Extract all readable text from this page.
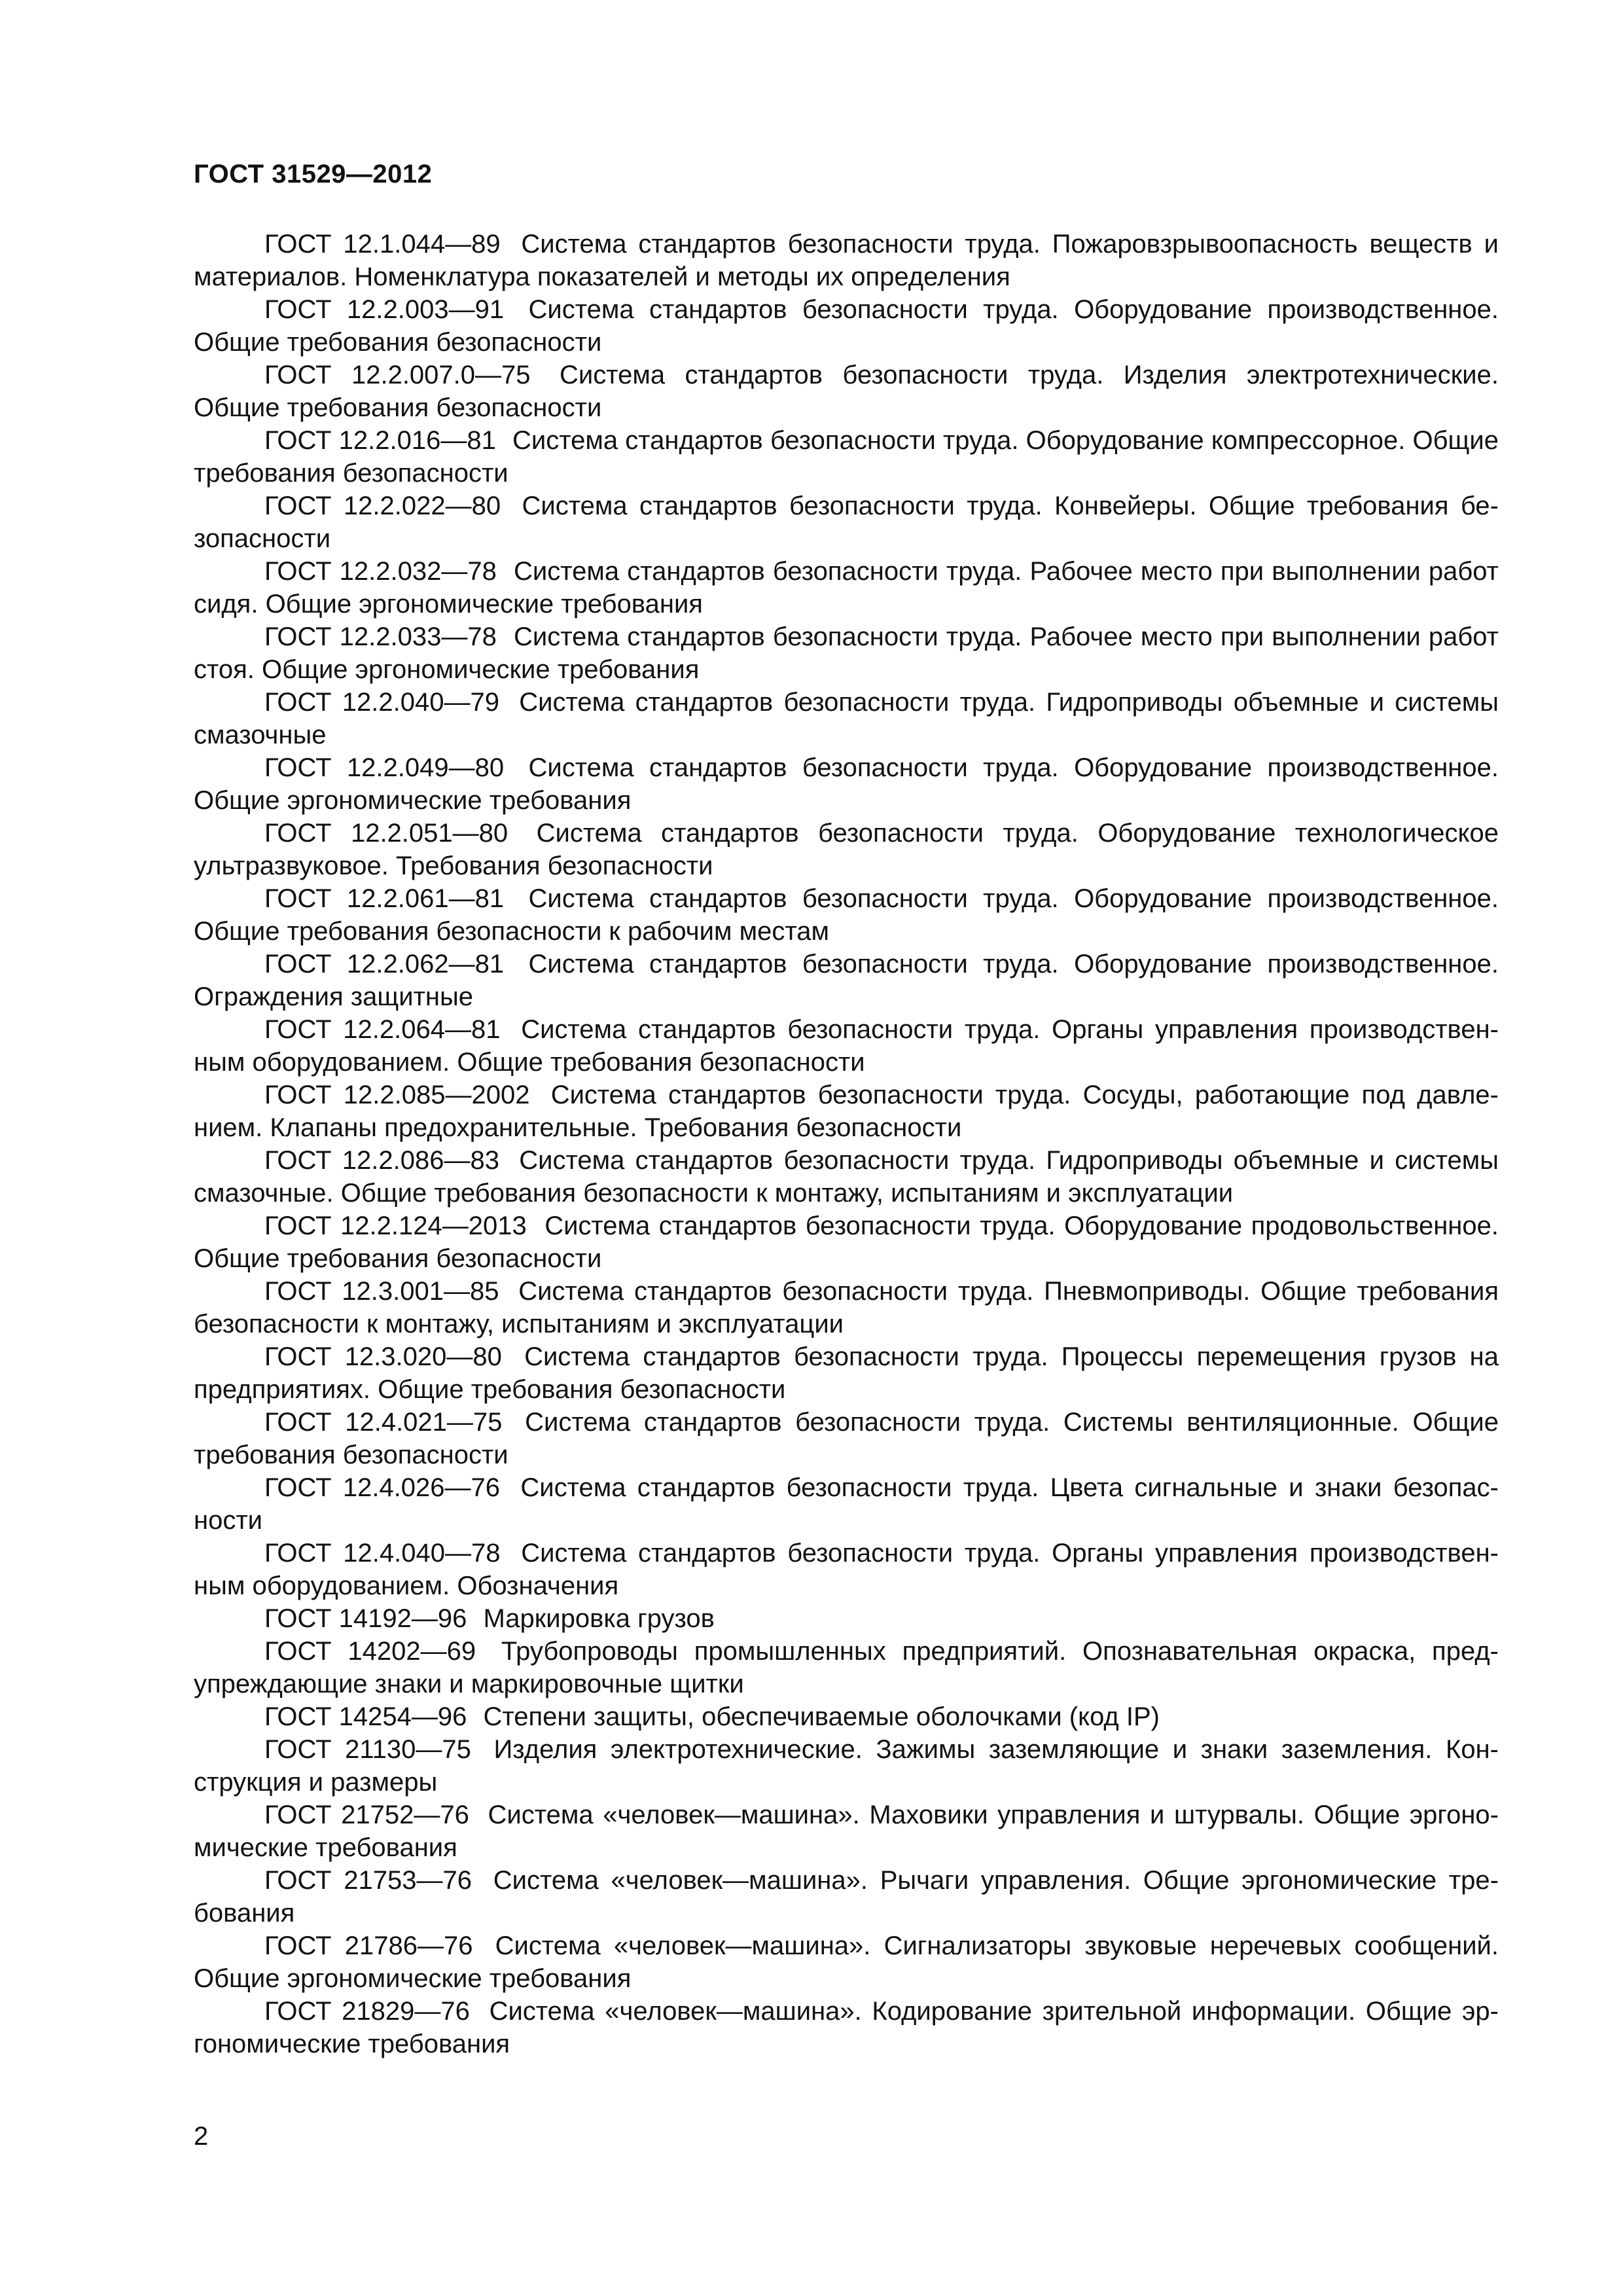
ГОСТ 31529—2012

ГОСТ 12.1.044—89 Система стандартов безопасности труда. Пожаровзрывоопасность веществ и материалов. Номенклатура показателей и методы их определения

ГОСТ 12.2.003—91 Система стандартов безопасности труда. Оборудование производственное. Общие требования безопасности

ГОСТ 12.2.007.0—75 Система стандартов безопасности труда. Изделия электротехнические. Общие требования безопасности

ГОСТ 12.2.016—81 Система стандартов безопасности труда. Оборудование компрессорное. Общие требования безопасности

ГОСТ 12.2.022—80 Система стандартов безопасности труда. Конвейеры. Общие требования безопасности

ГОСТ 12.2.032—78 Система стандартов безопасности труда. Рабочее место при выполнении работ сидя. Общие эргономические требования

ГОСТ 12.2.033—78 Система стандартов безопасности труда. Рабочее место при выполнении работ стоя. Общие эргономические требования

ГОСТ 12.2.040—79 Система стандартов безопасности труда. Гидроприводы объемные и системы смазочные

ГОСТ 12.2.049—80 Система стандартов безопасности труда. Оборудование производственное. Общие эргономические требования

ГОСТ 12.2.051—80 Система стандартов безопасности труда. Оборудование технологическое ультразвуковое. Требования безопасности

ГОСТ 12.2.061—81 Система стандартов безопасности труда. Оборудование производственное. Общие требования безопасности к рабочим местам

ГОСТ 12.2.062—81 Система стандартов безопасности труда. Оборудование производственное. Ограждения защитные

ГОСТ 12.2.064—81 Система стандартов безопасности труда. Органы управления производственным оборудованием. Общие требования безопасности

ГОСТ 12.2.085—2002 Система стандартов безопасности труда. Сосуды, работающие под давлением. Клапаны предохранительные. Требования безопасности

ГОСТ 12.2.086—83 Система стандартов безопасности труда. Гидроприводы объемные и системы смазочные. Общие требования безопасности к монтажу, испытаниям и эксплуатации

ГОСТ 12.2.124—2013 Система стандартов безопасности труда. Оборудование продовольственное. Общие требования безопасности

ГОСТ 12.3.001—85 Система стандартов безопасности труда. Пневмоприводы. Общие требования безопасности к монтажу, испытаниям и эксплуатации

ГОСТ 12.3.020—80 Система стандартов безопасности труда. Процессы перемещения грузов на предприятиях. Общие требования безопасности

ГОСТ 12.4.021—75 Система стандартов безопасности труда. Системы вентиляционные. Общие требования безопасности

ГОСТ 12.4.026—76 Система стандартов безопасности труда. Цвета сигнальные и знаки безопасности

ГОСТ 12.4.040—78 Система стандартов безопасности труда. Органы управления производственным оборудованием. Обозначения

ГОСТ 14192—96 Маркировка грузов

ГОСТ 14202—69 Трубопроводы промышленных предприятий. Опознавательная окраска, предупреждающие знаки и маркировочные щитки

ГОСТ 14254—96 Степени защиты, обеспечиваемые оболочками (код IP)

ГОСТ 21130—75 Изделия электротехнические. Зажимы заземляющие и знаки заземления. Конструкция и размеры

ГОСТ 21752—76 Система «человек—машина». Маховики управления и штурвалы. Общие эргономические требования

ГОСТ 21753—76 Система «человек—машина». Рычаги управления. Общие эргономические требования

ГОСТ 21786—76 Система «человек—машина». Сигнализаторы звуковые неречевых сообщений. Общие эргономические требования

ГОСТ 21829—76 Система «человек—машина». Кодирование зрительной информации. Общие эргономические требования

2
